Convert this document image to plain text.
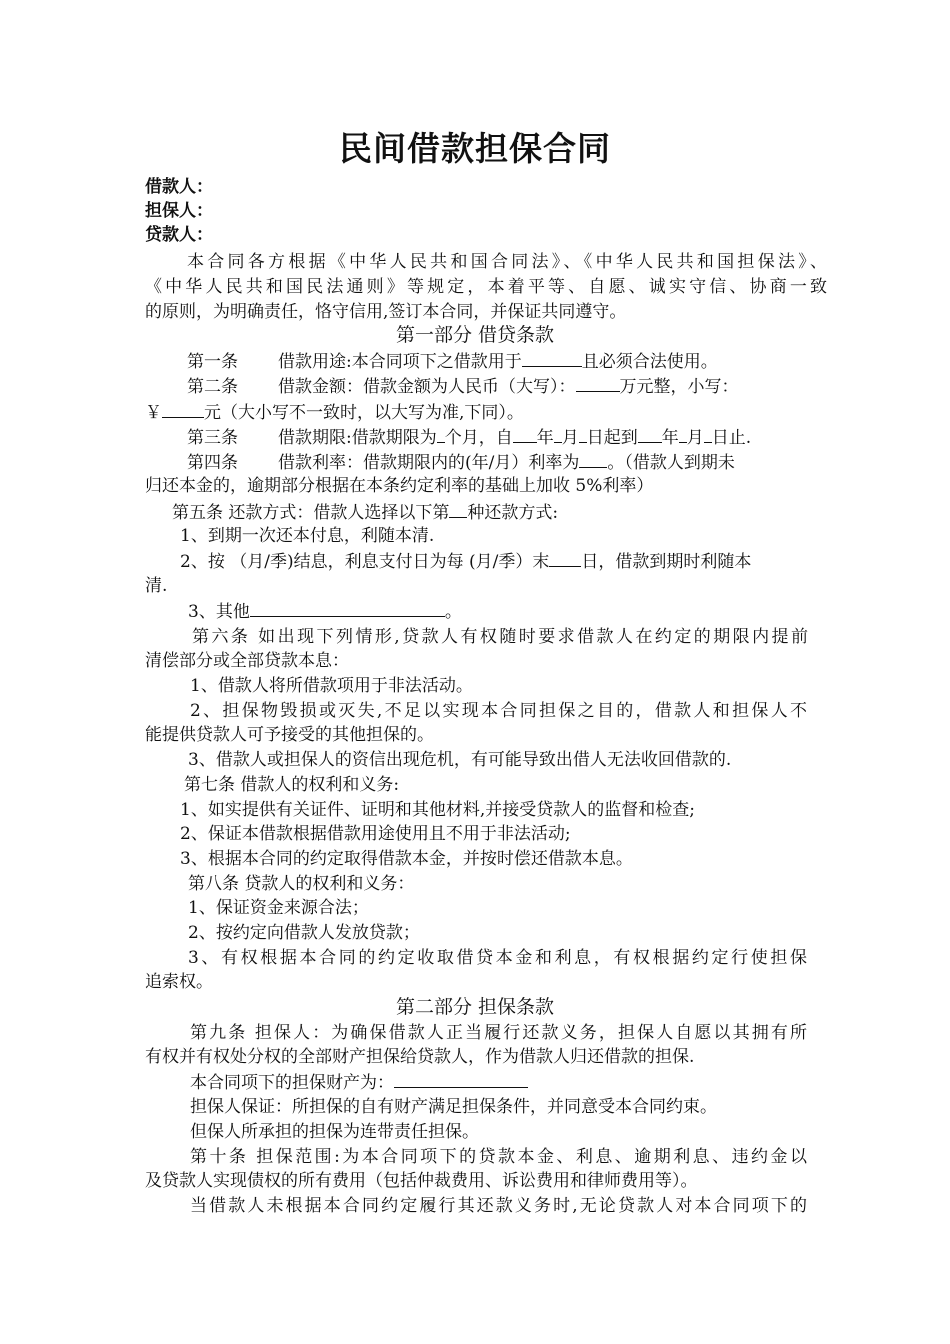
民间借款担保合同
借款人：
担保人：
贷款人：
本合同各方根据《中华人民共和国合同法》、《中华人民共和国担保法》、
《中华人民共和国民法通则》等规定，本着平等、自愿、诚实守信、协商一致
的原则，为明确责任，恪守信用,签订本合同，并保证共同遵守。
第一部分 借贷条款
第一条 借款用途:本合同项下之借款用于	且必须合法使用。
第二条 借款金额：借款金额为人民币（大写）：	万元整，小写：
￥ 元（大小写不一致时，以大写为准,下同）。
第三条 借款期限:借款期限为 个月，自 年 月 日起到 年 月 日止.
第四条 借款利率：借款期限内的(年/月）利率为 。（借款人到期未
归还本金的，逾期部分根据在本条约定利率的基础上加收 5%利率）
第五条 还款方式：借款人选择以下第 种还款方式:
1、到期一次还本付息，利随本清.
2、按 （月/季)结息，利息支付日为每 (月/季）末 日，借款到期时利随本
清.
3、其他	。
第六条 如出现下列情形,贷款人有权随时要求借款人在约定的期限内提前
清偿部分或全部贷款本息：
1、借款人将所借款项用于非法活动。
2、担保物毁损或灭失,不足以实现本合同担保之目的，借款人和担保人不
能提供贷款人可予接受的其他担保的。
3、借款人或担保人的资信出现危机，有可能导致出借人无法收回借款的.
第七条 借款人的权利和义务:
1、如实提供有关证件、证明和其他材料,并接受贷款人的监督和检查;
2、保证本借款根据借款用途使用且不用于非法活动;
3、根据本合同的约定取得借款本金，并按时偿还借款本息。
第八条 贷款人的权利和义务：
1、保证资金来源合法；
2、按约定向借款人发放贷款；
3、有权根据本合同的约定收取借贷本金和利息，有权根据约定行使担保
追索权。
第二部分 担保条款
第九条 担保人：为确保借款人正当履行还款义务，担保人自愿以其拥有所
有权并有权处分权的全部财产担保给贷款人，作为借款人归还借款的担保.
本合同项下的担保财产为：
担保人保证：所担保的自有财产满足担保条件，并同意受本合同约束。
但保人所承担的担保为连带责任担保。
第十条 担保范围:为本合同项下的贷款本金、利息、逾期利息、违约金以
及贷款人实现债权的所有费用（包括仲裁费用、诉讼费用和律师费用等）。
当借款人未根据本合同约定履行其还款义务时,无论贷款人对本合同项下的
